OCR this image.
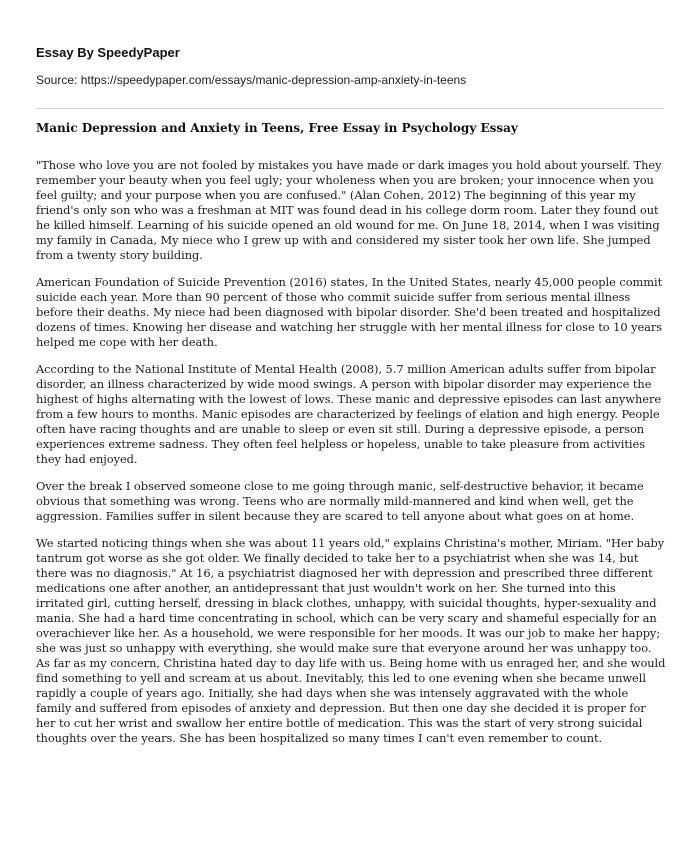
Essay By SpeedyPaper
Source: https://speedypaper.com/essays/manic-depression-amp-anxiety-in-teens
Manic Depression and Anxiety in Teens, Free Essay in Psychology Essay

"Those who love you are not fooled by mistakes you have made or dark images you hold about yourself. They remember your beauty when you feel ugly; your wholeness when you are broken; your innocence when you feel guilty; and your purpose when you are confused." (Alan Cohen, 2012) The beginning of this year my friend's only son who was a freshman at MIT was found dead in his college dorm room. Later they found out he killed himself. Learning of his suicide opened an old wound for me. On June 18, 2014, when I was visiting my family in Canada, My niece who I grew up with and considered my sister took her own life. She jumped from a twenty story building.

American Foundation of Suicide Prevention (2016) states, In the United States, nearly 45,000 people commit suicide each year. More than 90 percent of those who commit suicide suffer from serious mental illness before their deaths. My niece had been diagnosed with bipolar disorder. She'd been treated and hospitalized dozens of times. Knowing her disease and watching her struggle with her mental illness for close to 10 years helped me cope with her death.

According to the National Institute of Mental Health (2008), 5.7 million American adults suffer from bipolar disorder, an illness characterized by wide mood swings. A person with bipolar disorder may experience the highest of highs alternating with the lowest of lows. These manic and depressive episodes can last anywhere from a few hours to months. Manic episodes are characterized by feelings of elation and high energy. People often have racing thoughts and are unable to sleep or even sit still. During a depressive episode, a person experiences extreme sadness. They often feel helpless or hopeless, unable to take pleasure from activities they had enjoyed.

Over the break I observed someone close to me going through manic, self-destructive behavior, it became obvious that something was wrong. Teens who are normally mild-mannered and kind when well, get the aggression. Families suffer in silent because they are scared to tell anyone about what goes on at home.

We started noticing things when she was about 11 years old," explains Christina's mother, Miriam. "Her baby tantrum got worse as she got older. We finally decided to take her to a psychiatrist when she was 14, but there was no diagnosis." At 16, a psychiatrist diagnosed her with depression and prescribed three different medications one after another, an antidepressant that just wouldn't work on her. She turned into this irritated girl, cutting herself, dressing in black clothes, unhappy, with suicidal thoughts, hyper-sexuality and mania. She had a hard time concentrating in school, which can be very scary and shameful especially for an overachiever like her. As a household, we were responsible for her moods. It was our job to make her happy; she was just so unhappy with everything, she would make sure that everyone around her was unhappy too. As far as my concern, Christina hated day to day life with us. Being home with us enraged her, and she would find something to yell and scream at us about. Inevitably, this led to one evening when she became unwell rapidly a couple of years ago. Initially, she had days when she was intensely aggravated with the whole family and suffered from episodes of anxiety and depression. But then one day she decided it is proper for her to cut her wrist and swallow her entire bottle of medication. This was the start of very strong suicidal thoughts over the years. She has been hospitalized so many times I can't even remember to count.
